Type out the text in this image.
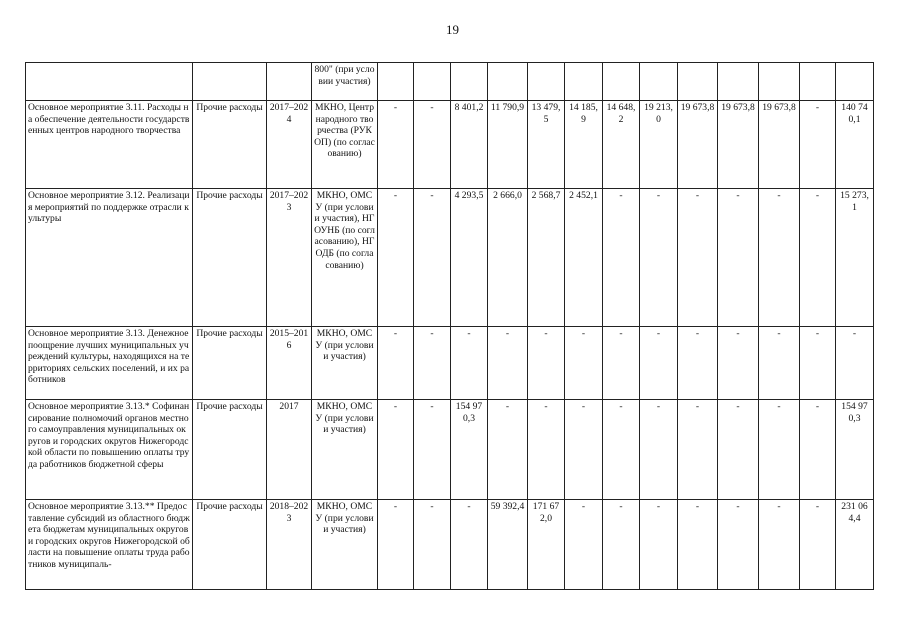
19
			800" (при условии участия)													
Основное мероприятие 3.11. Расходы на обеспечение деятельности государственных центров народного творчества	Прочие расходы	2017–2024	МКНО, Центр народного творчества (РУКОП) (по согласованию)	-	-	8 401,2	11 790,9	13 479,5	14 185,9	14 648,2	19 213,0	19 673,8	19 673,8	19 673,8	-	140 740,1
Основное мероприятие 3.12. Реализация мероприятий по поддержке отрасли культуры	Прочие расходы	2017–2023	МКНО, ОМСУ (при условии участия), НГОУНБ (по согласованию), НГОДБ (по согласованию)	-	-	4 293,5	2 666,0	2 568,7	2 452,1	-	-	-	-	-	-	15 273,1
Основное мероприятие 3.13. Денежное поощрение лучших муниципальных учреждений культуры, находящихся на территориях сельских поселений, и их работников	Прочие расходы	2015–2016	МКНО, ОМСУ (при условии участия)	-	-	-	-	-	-	-	-	-	-	-	-	-
Основное мероприятие 3.13.* Софинансирование полномочий органов местного самоуправления муниципальных округов и городских округов Нижегородской области по повышению оплаты труда работников бюджетной сферы	Прочие расходы	2017	МКНО, ОМСУ (при условии участия)	-	-	154 970,3	-	-	-	-	-	-	-	-	-	154 970,3
Основное мероприятие 3.13.** Предоставление субсидий из областного бюджета бюджетам муниципальных округов и городских округов Нижегородской области на повышение оплаты труда работников муниципаль-	Прочие расходы	2018–2023	МКНО, ОМСУ (при условии участия)	-	-	-	59 392,4	171 672,0	-	-	-	-	-	-	-	231 064,4
